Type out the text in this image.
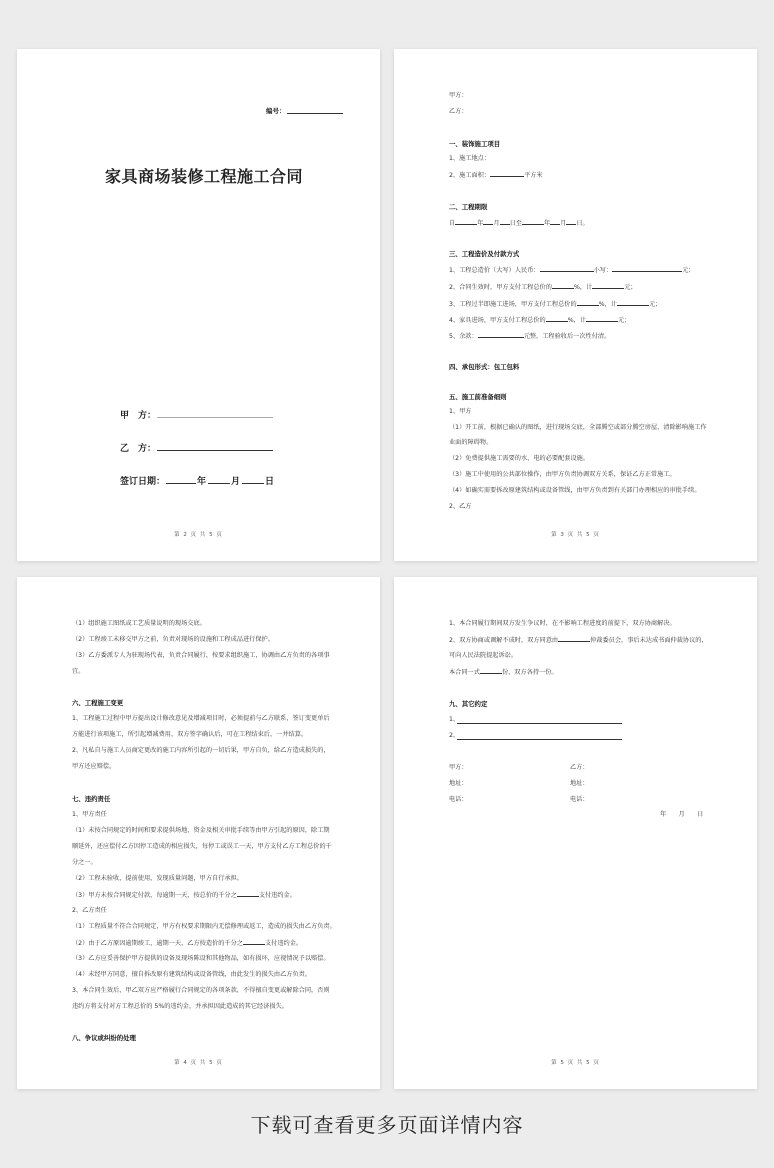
编号：
家具商场装修工程施工合同
甲　方：
乙　方：
签订日期：	年	月	日
第 2 页 共 5 页
甲方：
乙方：
一、装饰施工项目
1、施工地点：
2、施工面积：	平方米
二、工程期限
自	年 月 日至	年 月 日。
三、工程造价及付款方式
1、工程总造价（大写）人民币：	小写：	元；
2、合同生效时，甲方支付工程总价的	%，计	元；
3、工程过半即施工进场，甲方支付工程总价的	%，计	元；
4、家具进场，甲方支付工程总价的	%，计	元；
5、余款：	元整，工程验收后一次性付清。
四、承包形式：包工包料
五、施工前准备细则
1、甲方
（1）开工前，根据已确认的图纸，进行现场交底，全部腾空或部分腾空房屋，清除影响施工作
业面的障碍物。
（2）免费提供施工需要的水、电的必要配套设施。
（3）施工中使用的公共部位操作，由甲方负责协调双方关系，保证乙方正常施工。
（4）如确实需要拆改原建筑结构或设备管线，由甲方负责到有关部门办理相应的审批手续。
2、乙方
第 3 页 共 5 页
（1）组织施工图纸或工艺质量说明的现场交底。
（2）工程竣工未移交甲方之前，负责对现场的设施和工程成品进行保护。
（3）乙方委派专人为驻现场代表，负责合同履行，按要求组织施工，协调由乙方负责的各项事
宜。
六、工程施工变更
1、工程施工过程中甲方提出设计修改意见及增减项目时，必须提前与乙方联系，签订变更单后
方能进行该项施工，所引起增减费用，双方签字确认后，可在工程结束后，一并结算。
2、凡私自与施工人员商定更改的施工内容所引起的一切后果，甲方自负，给乙方造成损失的，
甲方还应赔偿。
七、违约责任
1、甲方责任
（1）未按合同规定的时间和要求提供场地、资金及相关审批手续等由甲方引起的原因，除工期
顺延外，还应偿付乙方因停工造成的相应损失，每停工或误工一天，甲方支付乙方工程总价的千
分之一。
（2）工程未验收，提前使用，发现质量问题，甲方自行承担。
（3）甲方未按合同规定付款，每逾期一天，按总价的千分之	支付违约金。
2、乙方责任
（1）工程质量不符合合同规定，甲方有权要求期限内无偿修理或返工，造成的损失由乙方负责。
（2）由于乙方原因逾期竣工，逾期一天，乙方按造价的千分之	支付违约金。
（3）乙方应妥善保护甲方提供的设备及现场陈设和其他物品，如有损坏，应视情况予以赔偿。
（4）未经甲方同意，擅自拆改原有建筑结构或设备管线，由此发生的损失由乙方负责。
3、本合同生效后，甲乙双方应严格履行合同规定的各项条款，不得擅自变更或解除合同，否则
违约方将支付对方工程总价的 5%的违约金，并承担因此造成的其它经济损失。
八、争议或纠纷的处理
第 4 页 共 5 页
1、本合同履行期间双方发生争议时，在不影响工程进度的前提下，双方协商解决。
2、双方协商或调解不成时，双方同意由	仲裁委员会，事后未达成书面仲裁协议的，
可向人民法院提起诉讼。
本合同一式	份，双方各持一份。
九、其它约定
1、
2、
甲方：	乙方：
地址：	地址：
电话：	电话：
年　　月　　日
第 5 页 共 5 页
下载可查看更多页面详情内容
